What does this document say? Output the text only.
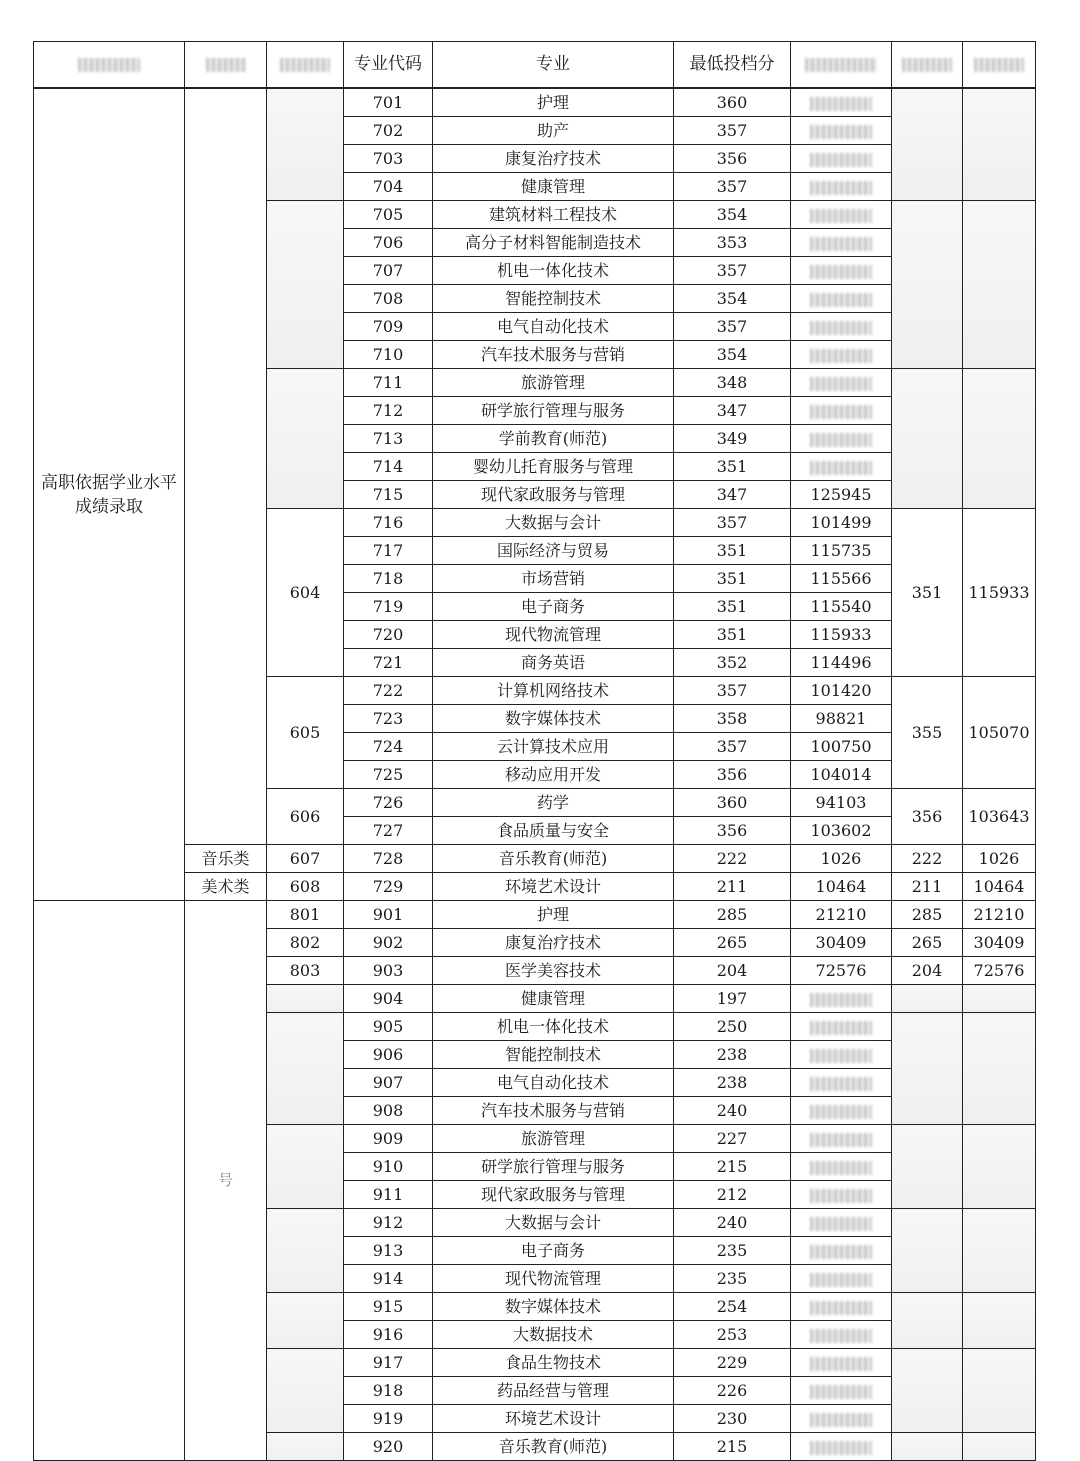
			专业代码	专业	最低投档分			
高职依据学业水平成绩录取			701	护理	360			
			702	助产	357			
			703	康复治疗技术	356			
			704	健康管理	357			
			705	建筑材料工程技术	354			
			706	高分子材料智能制造技术	353			
			707	机电一体化技术	357			
			708	智能控制技术	354			
			709	电气自动化技术	357			
			710	汽车技术服务与营销	354			
			711	旅游管理	348			
			712	研学旅行管理与服务	347			
			713	学前教育(师范)	349			
			714	婴幼儿托育服务与管理	351			
			715	现代家政服务与管理	347	125945		
		604	716	大数据与会计	357	101499	351	115933
			717	国际经济与贸易	351	115735		
			718	市场营销	351	115566		
			719	电子商务	351	115540		
			720	现代物流管理	351	115933		
			721	商务英语	352	114496		
		605	722	计算机网络技术	357	101420	355	105070
			723	数字媒体技术	358	98821		
			724	云计算技术应用	357	100750		
			725	移动应用开发	356	104014		
		606	726	药学	360	94103	356	103643
			727	食品质量与安全	356	103602		
	音乐类	607	728	音乐教育(师范)	222	1026	222	1026
	美术类	608	729	环境艺术设计	211	10464	211	10464
	号	801	901	护理	285	21210	285	21210
		802	902	康复治疗技术	265	30409	265	30409
		803	903	医学美容技术	204	72576	204	72576
			904	健康管理	197			
			905	机电一体化技术	250			
			906	智能控制技术	238			
			907	电气自动化技术	238			
			908	汽车技术服务与营销	240			
			909	旅游管理	227			
			910	研学旅行管理与服务	215			
			911	现代家政服务与管理	212			
			912	大数据与会计	240			
			913	电子商务	235			
			914	现代物流管理	235			
			915	数字媒体技术	254			
			916	大数据技术	253			
			917	食品生物技术	229			
			918	药品经营与管理	226			
			919	环境艺术设计	230			
			920	音乐教育(师范)	215			
